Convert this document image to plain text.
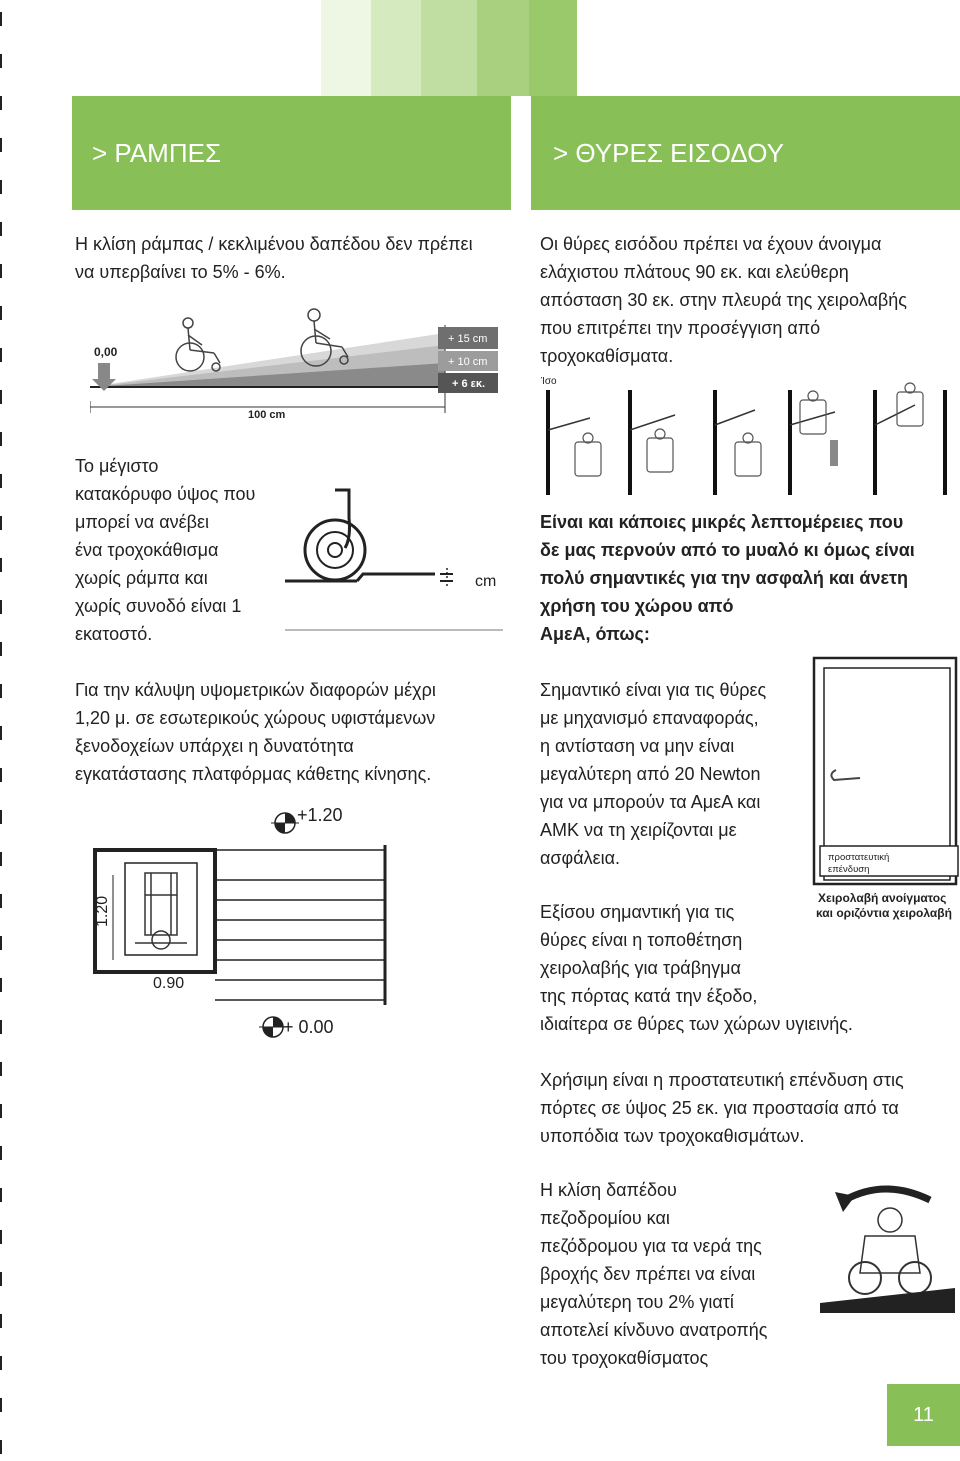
> ΡΑΜΠΕΣ	> ΘΥΡΕΣ ΕΙΣΟΔΟΥ
Η κλίση ράμπας / κεκλιμένου δαπέδου δεν πρέπει να υπερβαίνει το 5% - 6%.
0,00
+ 15 cm
+ 10 cm
+ 6 εκ.
100 cm
Το μέγιστο
κατακόρυφο ύψος που
μπορεί να ανέβει
ένα τροχοκάθισμα
χωρίς ράμπα και
χωρίς συνοδό είναι 1
εκατοστό.
cm
Για την κάλυψη υψομετρικών διαφορών μέχρι
1,20 μ. σε εσωτερικούς χώρους υφιστάμενων
ξενοδοχείων υπάρχει η δυνατότητα
εγκατάστασης πλατφόρμας κάθετης κίνησης.
+1.20
1.20
0.90
+ 0.00
Οι θύρες εισόδου πρέπει να έχουν άνοιγμα
ελάχιστου πλάτους 90 εκ. και ελεύθερη
απόσταση 30 εκ. στην πλευρά της χειρολαβής
που επιτρέπει την προσέγγιση από
τροχοκαθίσματα.
Ίσο
Είναι και κάποιες μικρές λεπτομέρειες που
δε μας περνούν από το μυαλό κι όμως είναι
πολύ σημαντικές για την ασφαλή και άνετη
χρήση του χώρου από
ΑμεΑ, όπως:
Σημαντικό είναι για τις θύρες
με μηχανισμό επαναφοράς,
η αντίσταση να μην είναι
μεγαλύτερη από 20 Newton
για να μπορούν τα ΑμεΑ και
ΑΜΚ να τη χειρίζονται με
ασφάλεια.	προστατευτική
επένδυση
Χειρολαβή ανοίγματος
και οριζόντια χειρολαβή
Εξίσου σημαντική για τις
θύρες είναι η τοποθέτηση
χειρολαβής για τράβηγμα
της πόρτας κατά την έξοδο,
ιδιαίτερα σε θύρες των χώρων υγιεινής.
Χρήσιμη είναι η προστατευτική επένδυση στις
πόρτες σε ύψος 25 εκ. για προστασία από τα
υποπόδια των τροχοκαθισμάτων.
Η κλίση δαπέδου
πεζοδρομίου και
πεζόδρομου για τα νερά της
βροχής δεν πρέπει να είναι
μεγαλύτερη του 2% γιατί
αποτελεί κίνδυνο ανατροπής
του τροχοκαθίσματος
11
